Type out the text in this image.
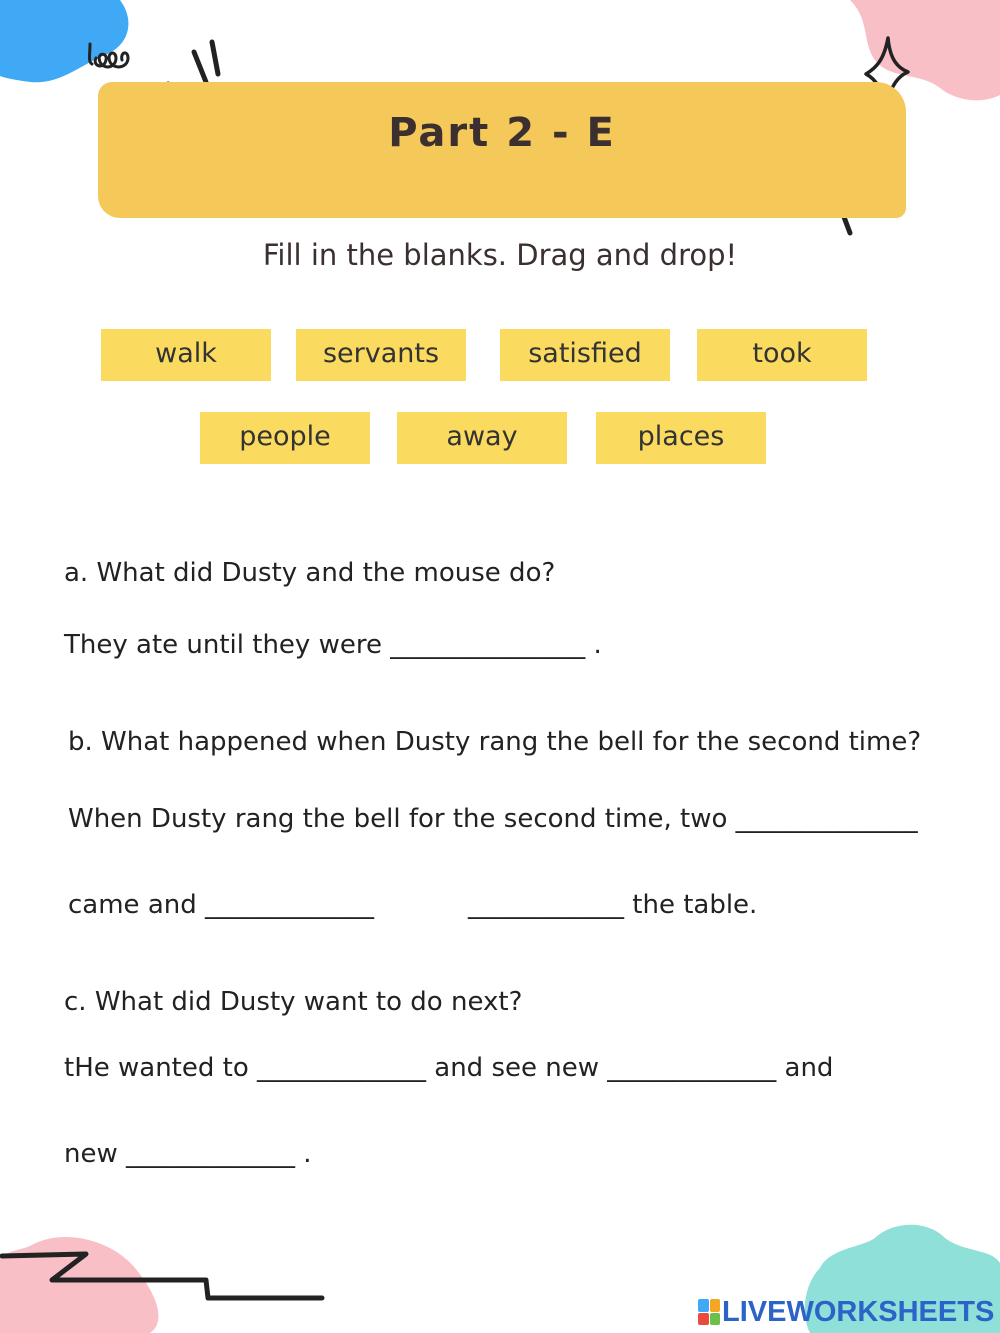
Part 2 - E
Fill in the blanks. Drag and drop!
walk	servants	satisfied	took
people	away	places
a. What did Dusty and the mouse do?
They ate until they were _______________ .
b. What happened when Dusty rang the bell for the second time?
When Dusty rang the bell for the second time, two ______________
came and _____________	____________ the table.
c. What did Dusty want to do next?
tHe wanted to _____________ and see new _____________ and
new _____________ .
LIVEWORKSHEETS
